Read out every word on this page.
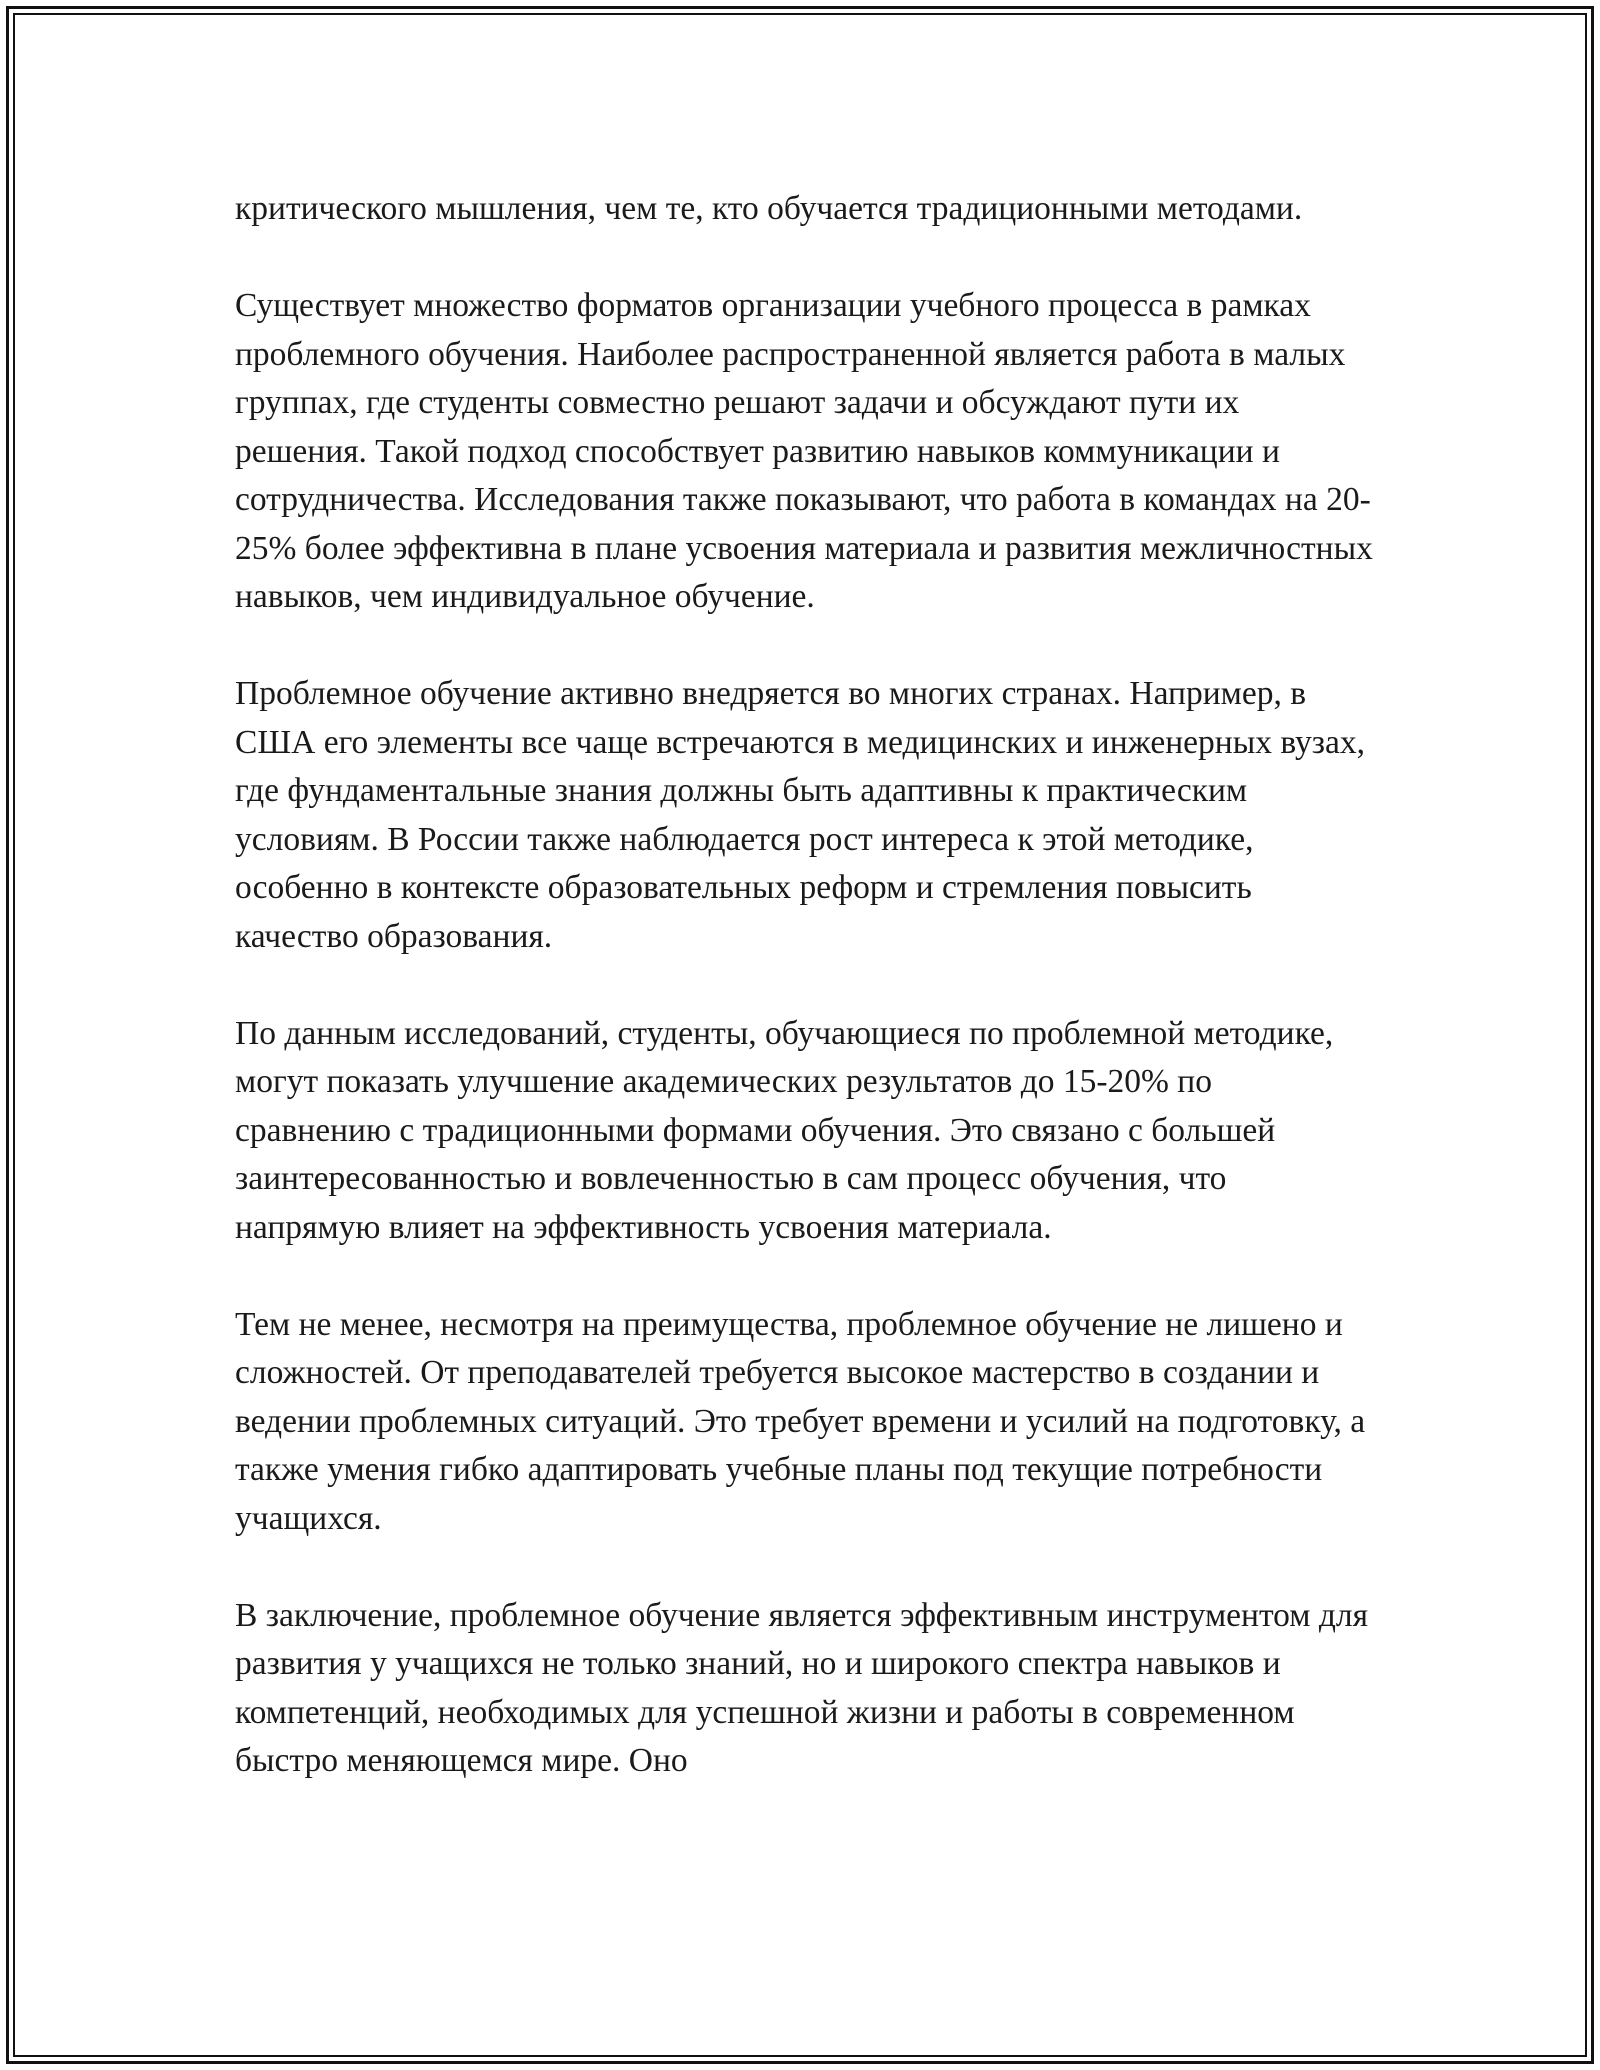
критического мышления, чем те, кто обучается традиционными методами.

Существует множество форматов организации учебного процесса в рамках проблемного обучения. Наиболее распространенной является работа в малых группах, где студенты совместно решают задачи и обсуждают пути их решения. Такой подход способствует развитию навыков коммуникации и сотрудничества. Исследования также показывают, что работа в командах на 20-25% более эффективна в плане усвоения материала и развития межличностных навыков, чем индивидуальное обучение.

Проблемное обучение активно внедряется во многих странах. Например, в США его элементы все чаще встречаются в медицинских и инженерных вузах, где фундаментальные знания должны быть адаптивны к практическим условиям. В России также наблюдается рост интереса к этой методике, особенно в контексте образовательных реформ и стремления повысить качество образования.

По данным исследований, студенты, обучающиеся по проблемной методике, могут показать улучшение академических результатов до 15-20% по сравнению с традиционными формами обучения. Это связано с большей заинтересованностью и вовлеченностью в сам процесс обучения, что напрямую влияет на эффективность усвоения материала.

Тем не менее, несмотря на преимущества, проблемное обучение не лишено и сложностей. От преподавателей требуется высокое мастерство в создании и ведении проблемных ситуаций. Это требует времени и усилий на подготовку, а также умения гибко адаптировать учебные планы под текущие потребности учащихся.

В заключение, проблемное обучение является эффективным инструментом для развития у учащихся не только знаний, но и широкого спектра навыков и компетенций, необходимых для успешной жизни и работы в современном быстро меняющемся мире. Оно
